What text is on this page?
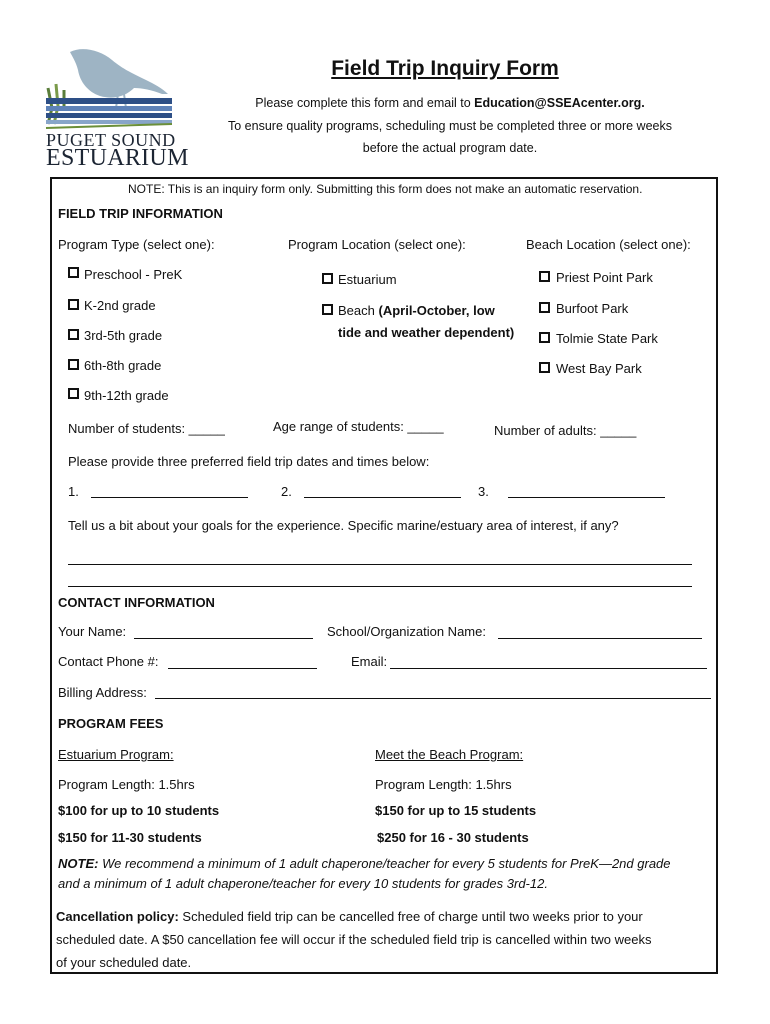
PUGET SOUND
ESTUARIUM
Field Trip Inquiry Form
Please complete this form and email to Education@SSEAcenter.org.
To ensure quality programs, scheduling must be completed three or more weeks
before the actual program date.
NOTE: This is an inquiry form only. Submitting this form does not make an automatic reservation.
FIELD TRIP INFORMATION
Program Type (select one):	Program Location (select one):	Beach Location (select one):
Preschool - PreK
K-2nd grade
3rd-5th grade
6th-8th grade
9th-12th grade
Estuarium
Beach (April-October, low
tide and weather dependent)
Priest Point Park
Burfoot Park
Tolmie State Park
West Bay Park
Number of students: _____	Age range of students: _____	Number of adults: _____
Please provide three preferred field trip dates and times below:
1.	2.	3.
Tell us a bit about your goals for the experience. Specific marine/estuary area of interest, if any?
CONTACT INFORMATION
Your Name:	School/Organization Name:
Contact Phone #:	Email:
Billing Address:
PROGRAM FEES
Estuarium Program:	Meet the Beach Program:
Program Length: 1.5hrs	Program Length: 1.5hrs
$100 for up to 10 students	$150 for up to 15 students
$150 for 11-30 students	$250 for 16 - 30 students
NOTE: We recommend a minimum of 1 adult chaperone/teacher for every 5 students for PreK—2nd grade
and a minimum of 1 adult chaperone/teacher for every 10 students for grades 3rd-12.
Cancellation policy: Scheduled field trip can be cancelled free of charge until two weeks prior to your
scheduled date. A $50 cancellation fee will occur if the scheduled field trip is cancelled within two weeks
of your scheduled date.
